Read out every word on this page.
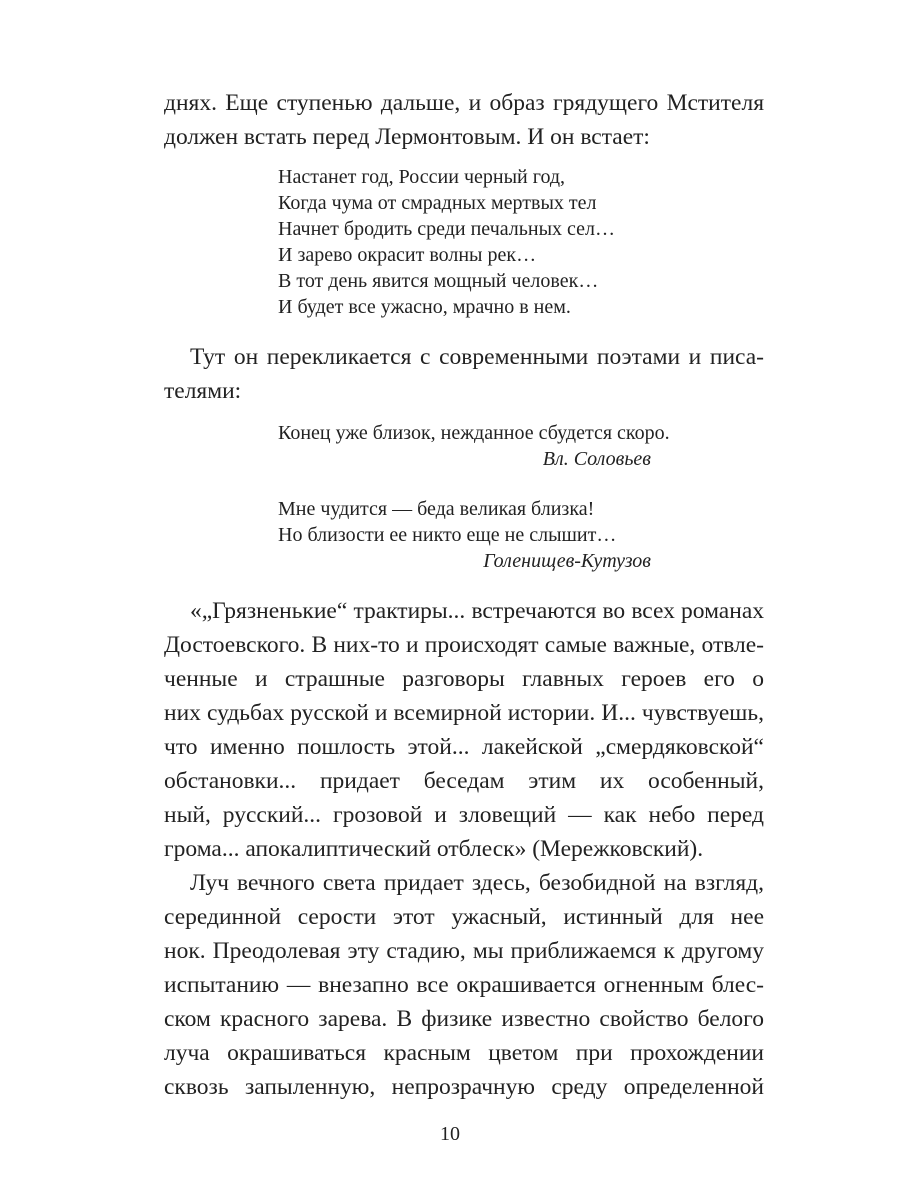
днях. Еще ступенью дальше, и образ грядущего Мстителя
должен встать перед Лермонтовым. И он встает:
Настанет год, России черный год,
Когда чума от смрадных мертвых тел
Начнет бродить среди печальных сел…
И зарево окрасит волны рек…
В тот день явится мощный человек…
И будет все ужасно, мрачно в нем.
Тут он перекликается с современными поэтами и писа-
телями:
Конец уже близок, нежданное сбудется скоро.
Вл. Соловьев
Мне чудится — беда великая близка!
Но близости ее никто еще не слышит…
Голенищев-Кутузов
«„Грязненькие“ трактиры... встречаются во всех романах
Достоевского. В них-то и происходят самые важные, отвле-
ченные и страшные разговоры главных героев его о
них судьбах русской и всемирной истории. И... чувствуешь,
что именно пошлость этой... лакейской „смердяковской“
обстановки... придает беседам этим их особенный,
ный, русский... грозовой и зловещий — как небо перед
грома... апокалиптический отблеск» (Мережковский).
Луч вечного света придает здесь, безобидной на взгляд,
серединной серости этот ужасный, истинный для нее
нок. Преодолевая эту стадию, мы приближаемся к другому
испытанию — внезапно все окрашивается огненным блес-
ском красного зарева. В физике известно свойство белого
луча окрашиваться красным цветом при прохождении
сквозь запыленную, непрозрачную среду определенной
10
